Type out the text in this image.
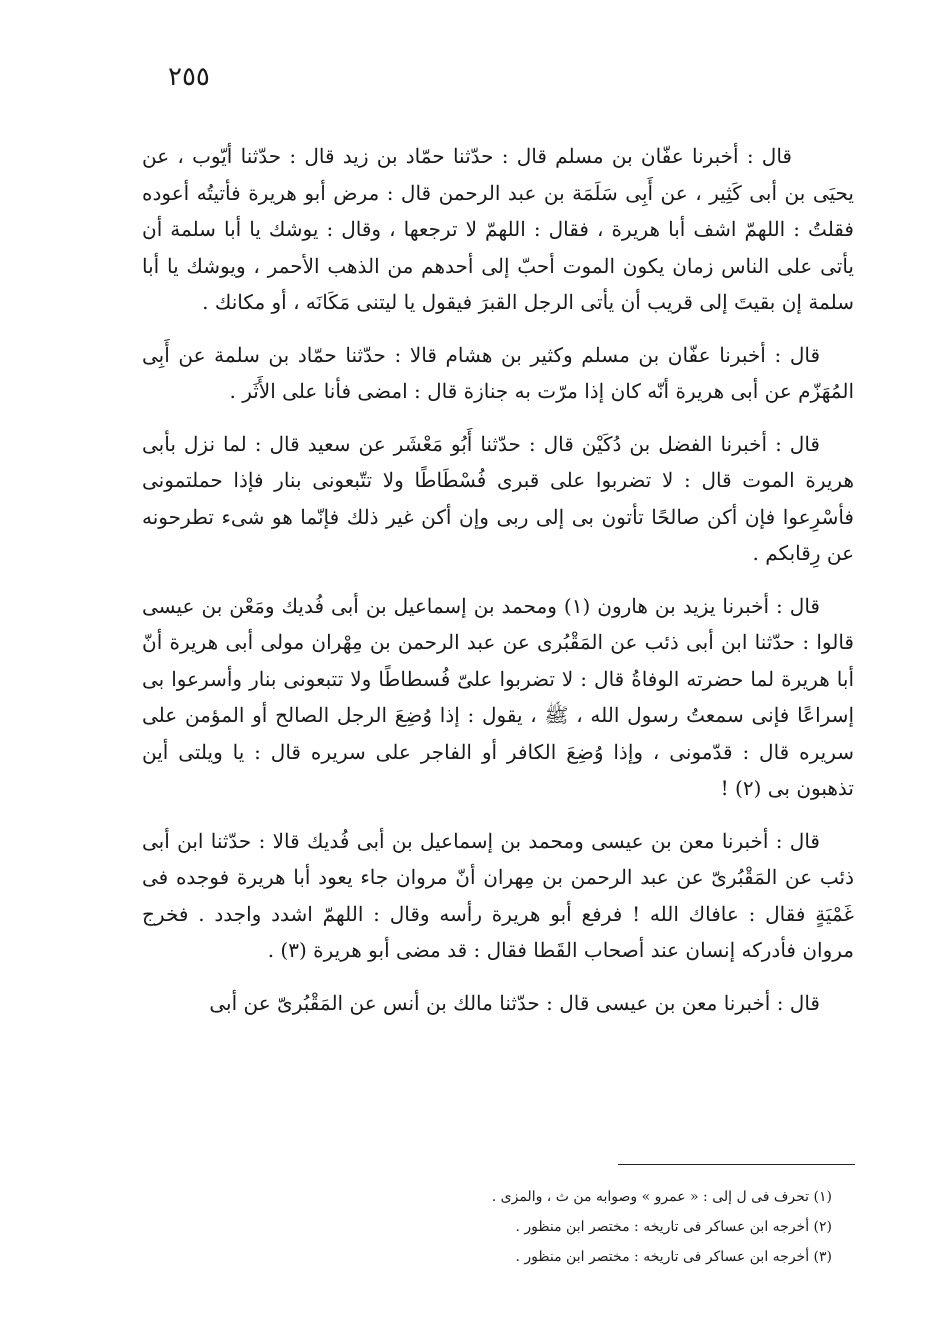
٢٥٥

قال : أخبرنا عفّان بن مسلم قال : حدّثنا حمّاد بن زيد قال : حدّثنا أيّوب ، عن يحيَى بن أبى كَثِير ، عن أَبِى سَلَمَة بن عبد الرحمن قال : مرض أبو هريرة فأتيتُه أعوده فقلتُ : اللهمّ اشف أبا هريرة ، فقال : اللهمّ لا ترجعها ، وقال : يوشك يا أبا سلمة أن يأتى على الناس زمان يكون الموت أحبّ إلى أحدهم من الذهب الأحمر ، ويوشك يا أبا سلمة إن بقيتَ إلى قريب أن يأتى الرجل القبرَ فيقول يا ليتنى مَكَانَه ، أو مكانك .

قال : أخبرنا عفّان بن مسلم وكثير بن هشام قالا : حدّثنا حمّاد بن سلمة عن أَبِى المُهَزّم عن أبى هريرة أنّه كان إذا مرّت به جنازة قال : امضى فأنا على الأَثَر .

قال : أخبرنا الفضل بن دُكَيْن قال : حدّثنا أَبُو مَعْشَر عن سعيد قال : لما نزل بأبى هريرة الموت قال : لا تضربوا على قبرى فُسْطَاطًا ولا تتّبعونى بنار فإذا حملتمونى فأسْرِعوا فإن أكن صالحًا تأتون بى إلى ربى وإن أكن غير ذلك فإنّما هو شىء تطرحونه عن رِقابكم .

قال : أخبرنا يزيد بن هارون (١) ومحمد بن إسماعيل بن أبى فُديك ومَعْن بن عيسى قالوا : حدّثنا ابن أبى ذئب عن المَقْبُرى عن عبد الرحمن بن مِهْران مولى أبى هريرة أنّ أبا هريرة لما حضرته الوفاةُ قال : لا تضربوا علىّ فُسطاطًا ولا تتبعونى بنار وأسرعوا بى إسراعًا فإنى سمعتُ رسول الله ، ﷺ ، يقول : إذا وُضِعَ الرجل الصالح أو المؤمن على سريره قال : قدّمونى ، وإذا وُضِعَ الكافر أو الفاجر على سريره قال : يا ويلتى أين تذهبون بى (٢) !

قال : أخبرنا معن بن عيسى ومحمد بن إسماعيل بن أبى فُديك قالا : حدّثنا ابن أبى ذئب عن المَقْبُرىّ عن عبد الرحمن بن مِهران أنّ مروان جاء يعود أبا هريرة فوجده فى غَمْيَةٍ فقال : عافاك الله ! فرفع أبو هريرة رأسه وقال : اللهمّ اشدد واجدد . فخرج مروان فأدركه إنسان عند أصحاب القَطا فقال : قد مضى أبو هريرة (٣) .

قال : أخبرنا معن بن عيسى قال : حدّثنا مالك بن أنس عن المَقْبُرىّ عن أبى

(١) تحرف فى ل إلى : « عمرو » وصوابه من ث ، والمزى .

(٢) أخرجه ابن عساكر فى تاريخه : مختصر ابن منظور .

(٣) أخرجه ابن عساكر فى تاريخه : مختصر ابن منظور .
